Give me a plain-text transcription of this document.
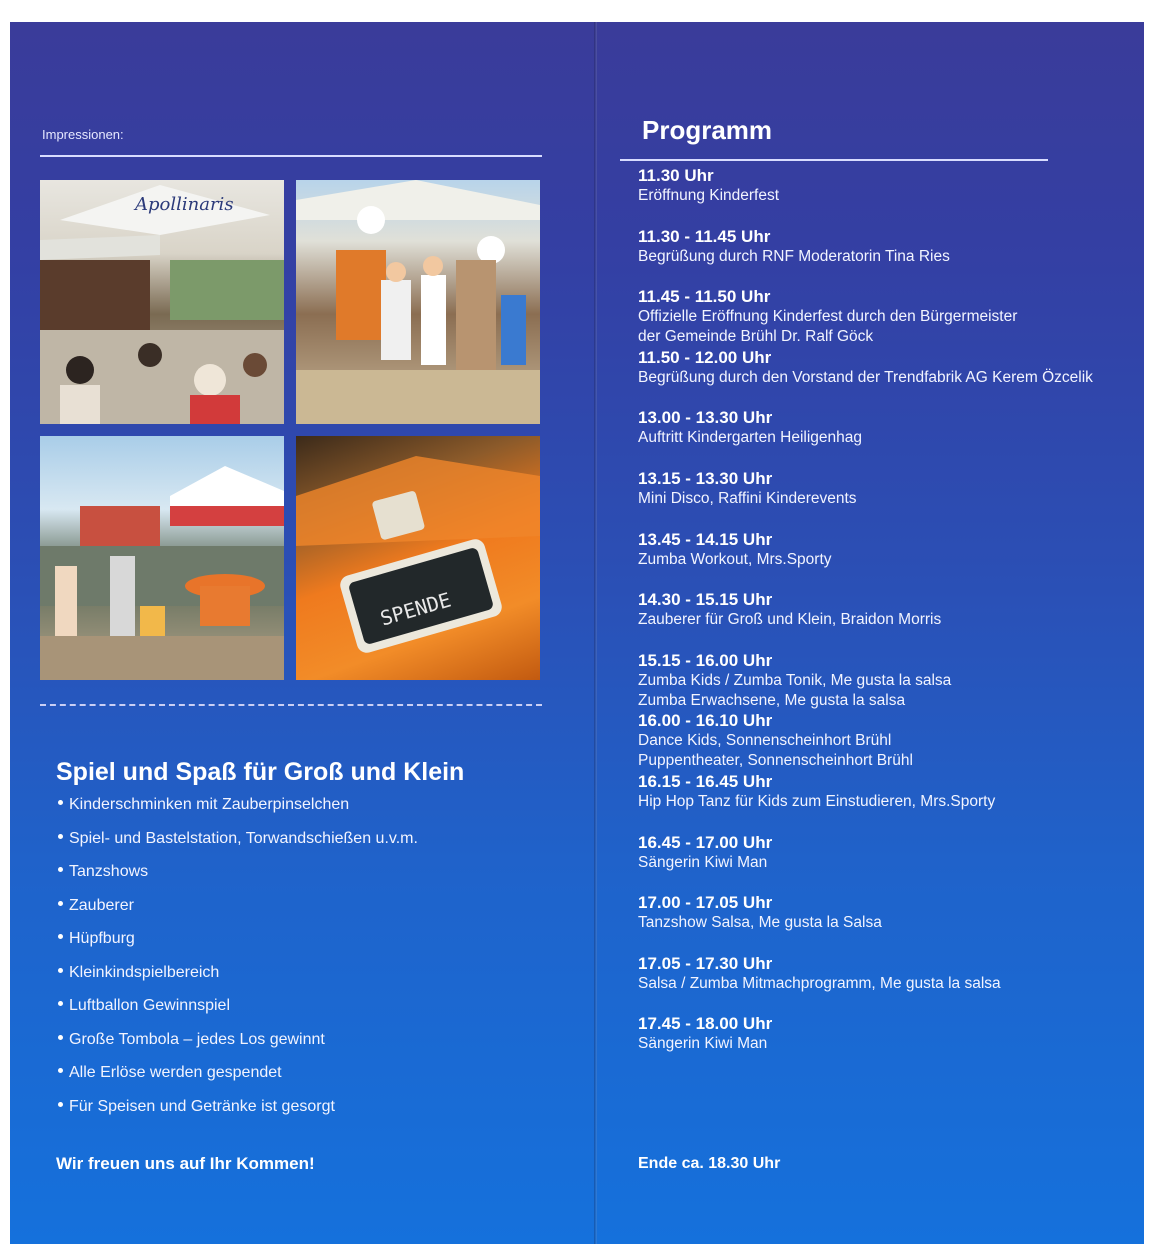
Impressionen:
Apollinaris
SPENDE
Spiel und Spaß für Groß und Klein
Kinderschminken mit Zauberpinselchen
Spiel- und Bastelstation, Torwandschießen u.v.m.
Tanzshows
Zauberer
Hüpfburg
Kleinkindspielbereich
Luftballon Gewinnspiel
Große Tombola – jedes Los gewinnt
Alle Erlöse werden gespendet
Für Speisen und Getränke ist gesorgt
Wir freuen uns auf Ihr Kommen!
Programm
11.30 Uhr
Eröffnung Kinderfest
11.30 - 11.45 Uhr
Begrüßung durch RNF Moderatorin Tina Ries
11.45 - 11.50 Uhr
Offizielle Eröffnung Kinderfest durch den Bürgermeister
der Gemeinde Brühl Dr. Ralf Göck
11.50 - 12.00 Uhr
Begrüßung durch den Vorstand der Trendfabrik AG Kerem Özcelik
13.00 - 13.30 Uhr
Auftritt Kindergarten Heiligenhag
13.15 - 13.30 Uhr
Mini Disco, Raffini Kinderevents
13.45 - 14.15 Uhr
Zumba Workout, Mrs.Sporty
14.30 - 15.15 Uhr
Zauberer für Groß und Klein, Braidon Morris
15.15 - 16.00 Uhr
Zumba Kids / Zumba Tonik, Me gusta la salsa
Zumba Erwachsene, Me gusta la salsa
16.00 - 16.10 Uhr
Dance Kids, Sonnenscheinhort Brühl
Puppentheater, Sonnenscheinhort Brühl
16.15 - 16.45 Uhr
Hip Hop Tanz für Kids zum Einstudieren, Mrs.Sporty
16.45 - 17.00 Uhr
Sängerin Kiwi Man
17.00 - 17.05 Uhr
Tanzshow Salsa, Me gusta la Salsa
17.05 - 17.30 Uhr
Salsa / Zumba Mitmachprogramm, Me gusta la salsa
17.45 - 18.00 Uhr
Sängerin Kiwi Man
Ende ca. 18.30 Uhr
